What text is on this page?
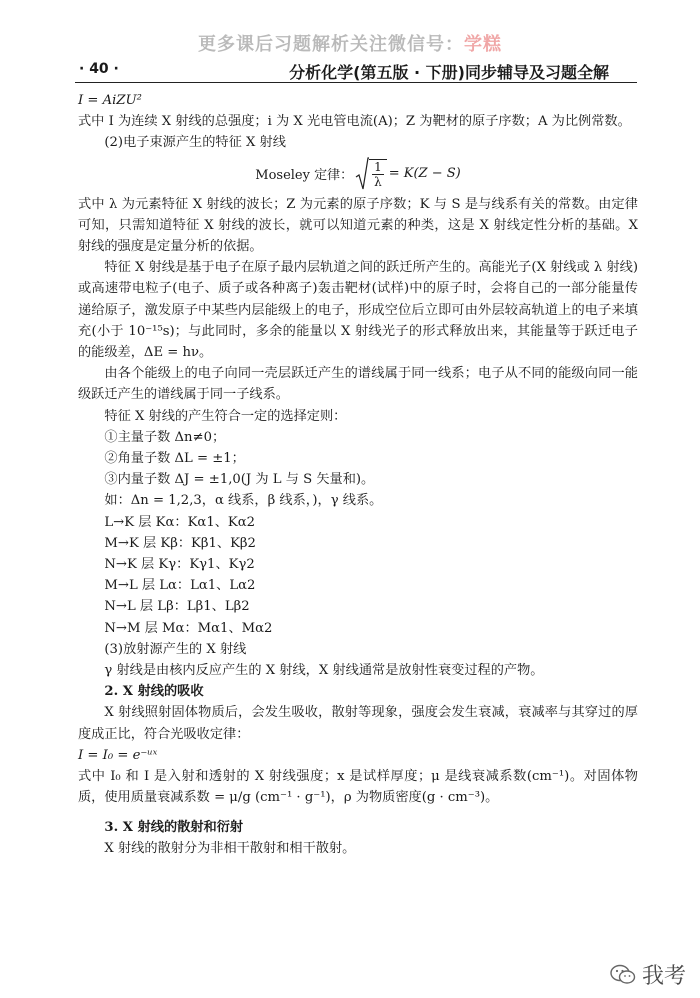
更多课后习题解析关注微信号：学糕
· 40 ·	分析化学(第五版 · 下册)同步辅导及习题全解

I = AiZU²

式中 I 为连续 X 射线的总强度；i 为 X 光电管电流(A)；Z 为靶材的原子序数；A 为比例常数。

(2)电子束源产生的特征 X 射线

Moseley 定律： $\frac{1}{\lambda} = K(Z - S)$

式中 λ 为元素特征 X 射线的波长；Z 为元素的原子序数；K 与 S 是与线系有关的常数。由定律可知，只需知道特征 X 射线的波长，就可以知道元素的种类，这是 X 射线定性分析的基础。X 射线的强度是定量分析的依据。

特征 X 射线是基于电子在原子最内层轨道之间的跃迁所产生的。高能光子(X 射线或 λ 射线)或高速带电粒子(电子、质子或各种离子)轰击靶材(试样)中的原子时，会将自己的一部分能量传递给原子，激发原子中某些内层能级上的电子，形成空位后立即可由外层较高轨道上的电子来填充(小于 10⁻¹⁵s)；与此同时，多余的能量以 X 射线光子的形式释放出来，其能量等于跃迁电子的能级差，ΔE = hν。

由各个能级上的电子向同一壳层跃迁产生的谱线属于同一线系；电子从不同的能级向同一能级跃迁产生的谱线属于同一子线系。

特征 X 射线的产生符合一定的选择定则：

①主量子数 Δn≠0；

②角量子数 ΔL = ±1；

③内量子数 ΔJ = ±1,0(J 为 L 与 S 矢量和)。

如：Δn = 1,2,3，α 线系，β 线系，)，γ 线系。

L→K 层 Kα：Kα1、Kα2

M→K 层 Kβ：Kβ1、Kβ2

N→K 层 Kγ：Kγ1、Kγ2

M→L 层 Lα：Lα1、Lα2

N→L 层 Lβ：Lβ1、Lβ2

N→M 层 Mα：Mα1、Mα2

(3)放射源产生的 X 射线

γ 射线是由核内反应产生的 X 射线，X 射线通常是放射性衰变过程的产物。

2. X 射线的吸收

X 射线照射固体物质后，会发生吸收，散射等现象，强度会发生衰减，衰减率与其穿过的厚度成正比，符合光吸收定律：

I = I₀ = e⁻ᵘˣ

式中 I₀ 和 I 是入射和透射的 X 射线强度；x 是试样厚度；μ 是线衰减系数(cm⁻¹)。对固体物质，使用质量衰减系数 = μ/g (cm⁻¹ · g⁻¹)，ρ 为物质密度(g · cm⁻³)。

3. X 射线的散射和衍射

X 射线的散射分为非相干散射和相干散射。

我考
